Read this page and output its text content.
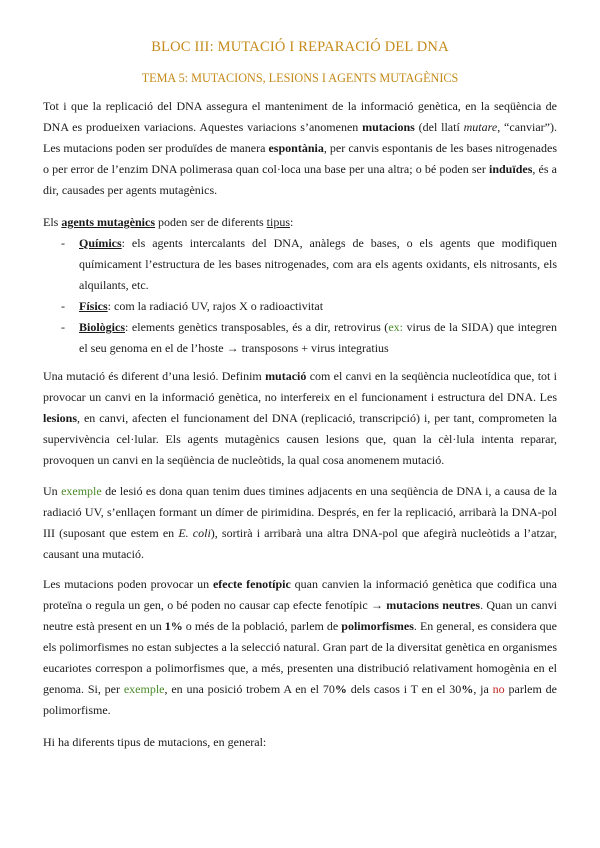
BLOC III: MUTACIÓ I REPARACIÓ DEL DNA
TEMA 5: MUTACIONS, LESIONS I AGENTS MUTAGÈNICS

Tot i que la replicació del DNA assegura el manteniment de la informació genètica, en la seqüència de DNA es produeixen variacions. Aquestes variacions s’anomenen mutacions (del llatí mutare, “canviar”). Les mutacions poden ser produïdes de manera espontània, per canvis espontanis de les bases nitrogenades o per error de l’enzim DNA polimerasa quan col·loca una base per una altra; o bé poden ser induïdes, és a dir, causades per agents mutagènics.

Els agents mutagènics poden ser de diferents tipus:

- Químics: els agents intercalants del DNA, anàlegs de bases, o els agents que modifiquen químicament l’estructura de les bases nitrogenades, com ara els agents oxidants, els nitrosants, els alquilants, etc.
- Físics: com la radiació UV, rajos X o radioactivitat
- Biològics: elements genètics transposables, és a dir, retrovirus (ex: virus de la SIDA) que integren el seu genoma en el de l’hoste → transposons + virus integratius

Una mutació és diferent d’una lesió. Definim mutació com el canvi en la seqüència nucleotídica que, tot i provocar un canvi en la informació genètica, no interfereix en el funcionament i estructura del DNA. Les lesions, en canvi, afecten el funcionament del DNA (replicació, transcripció) i, per tant, comprometen la supervivència cel·lular. Els agents mutagènics causen lesions que, quan la cèl·lula intenta reparar, provoquen un canvi en la seqüència de nucleòtids, la qual cosa anomenem mutació.

Un exemple de lesió es dona quan tenim dues timines adjacents en una seqüència de DNA i, a causa de la radiació UV, s’enllaçen formant un dímer de pirimidina. Després, en fer la replicació, arribarà la DNA-pol III (suposant que estem en E. coli), sortirà i arribarà una altra DNA-pol que afegirà nucleòtids a l’atzar, causant una mutació.

Les mutacions poden provocar un efecte fenotípic quan canvien la informació genètica que codifica una proteïna o regula un gen, o bé poden no causar cap efecte fenotípic → mutacions neutres. Quan un canvi neutre està present en un 1% o més de la població, parlem de polimorfismes. En general, es considera que els polimorfismes no estan subjectes a la selecció natural. Gran part de la diversitat genètica en organismes eucariotes correspon a polimorfismes que, a més, presenten una distribució relativament homogènia en el genoma. Si, per exemple, en una posició trobem A en el 70% dels casos i T en el 30%, ja no parlem de polimorfisme.

Hi ha diferents tipus de mutacions, en general:
